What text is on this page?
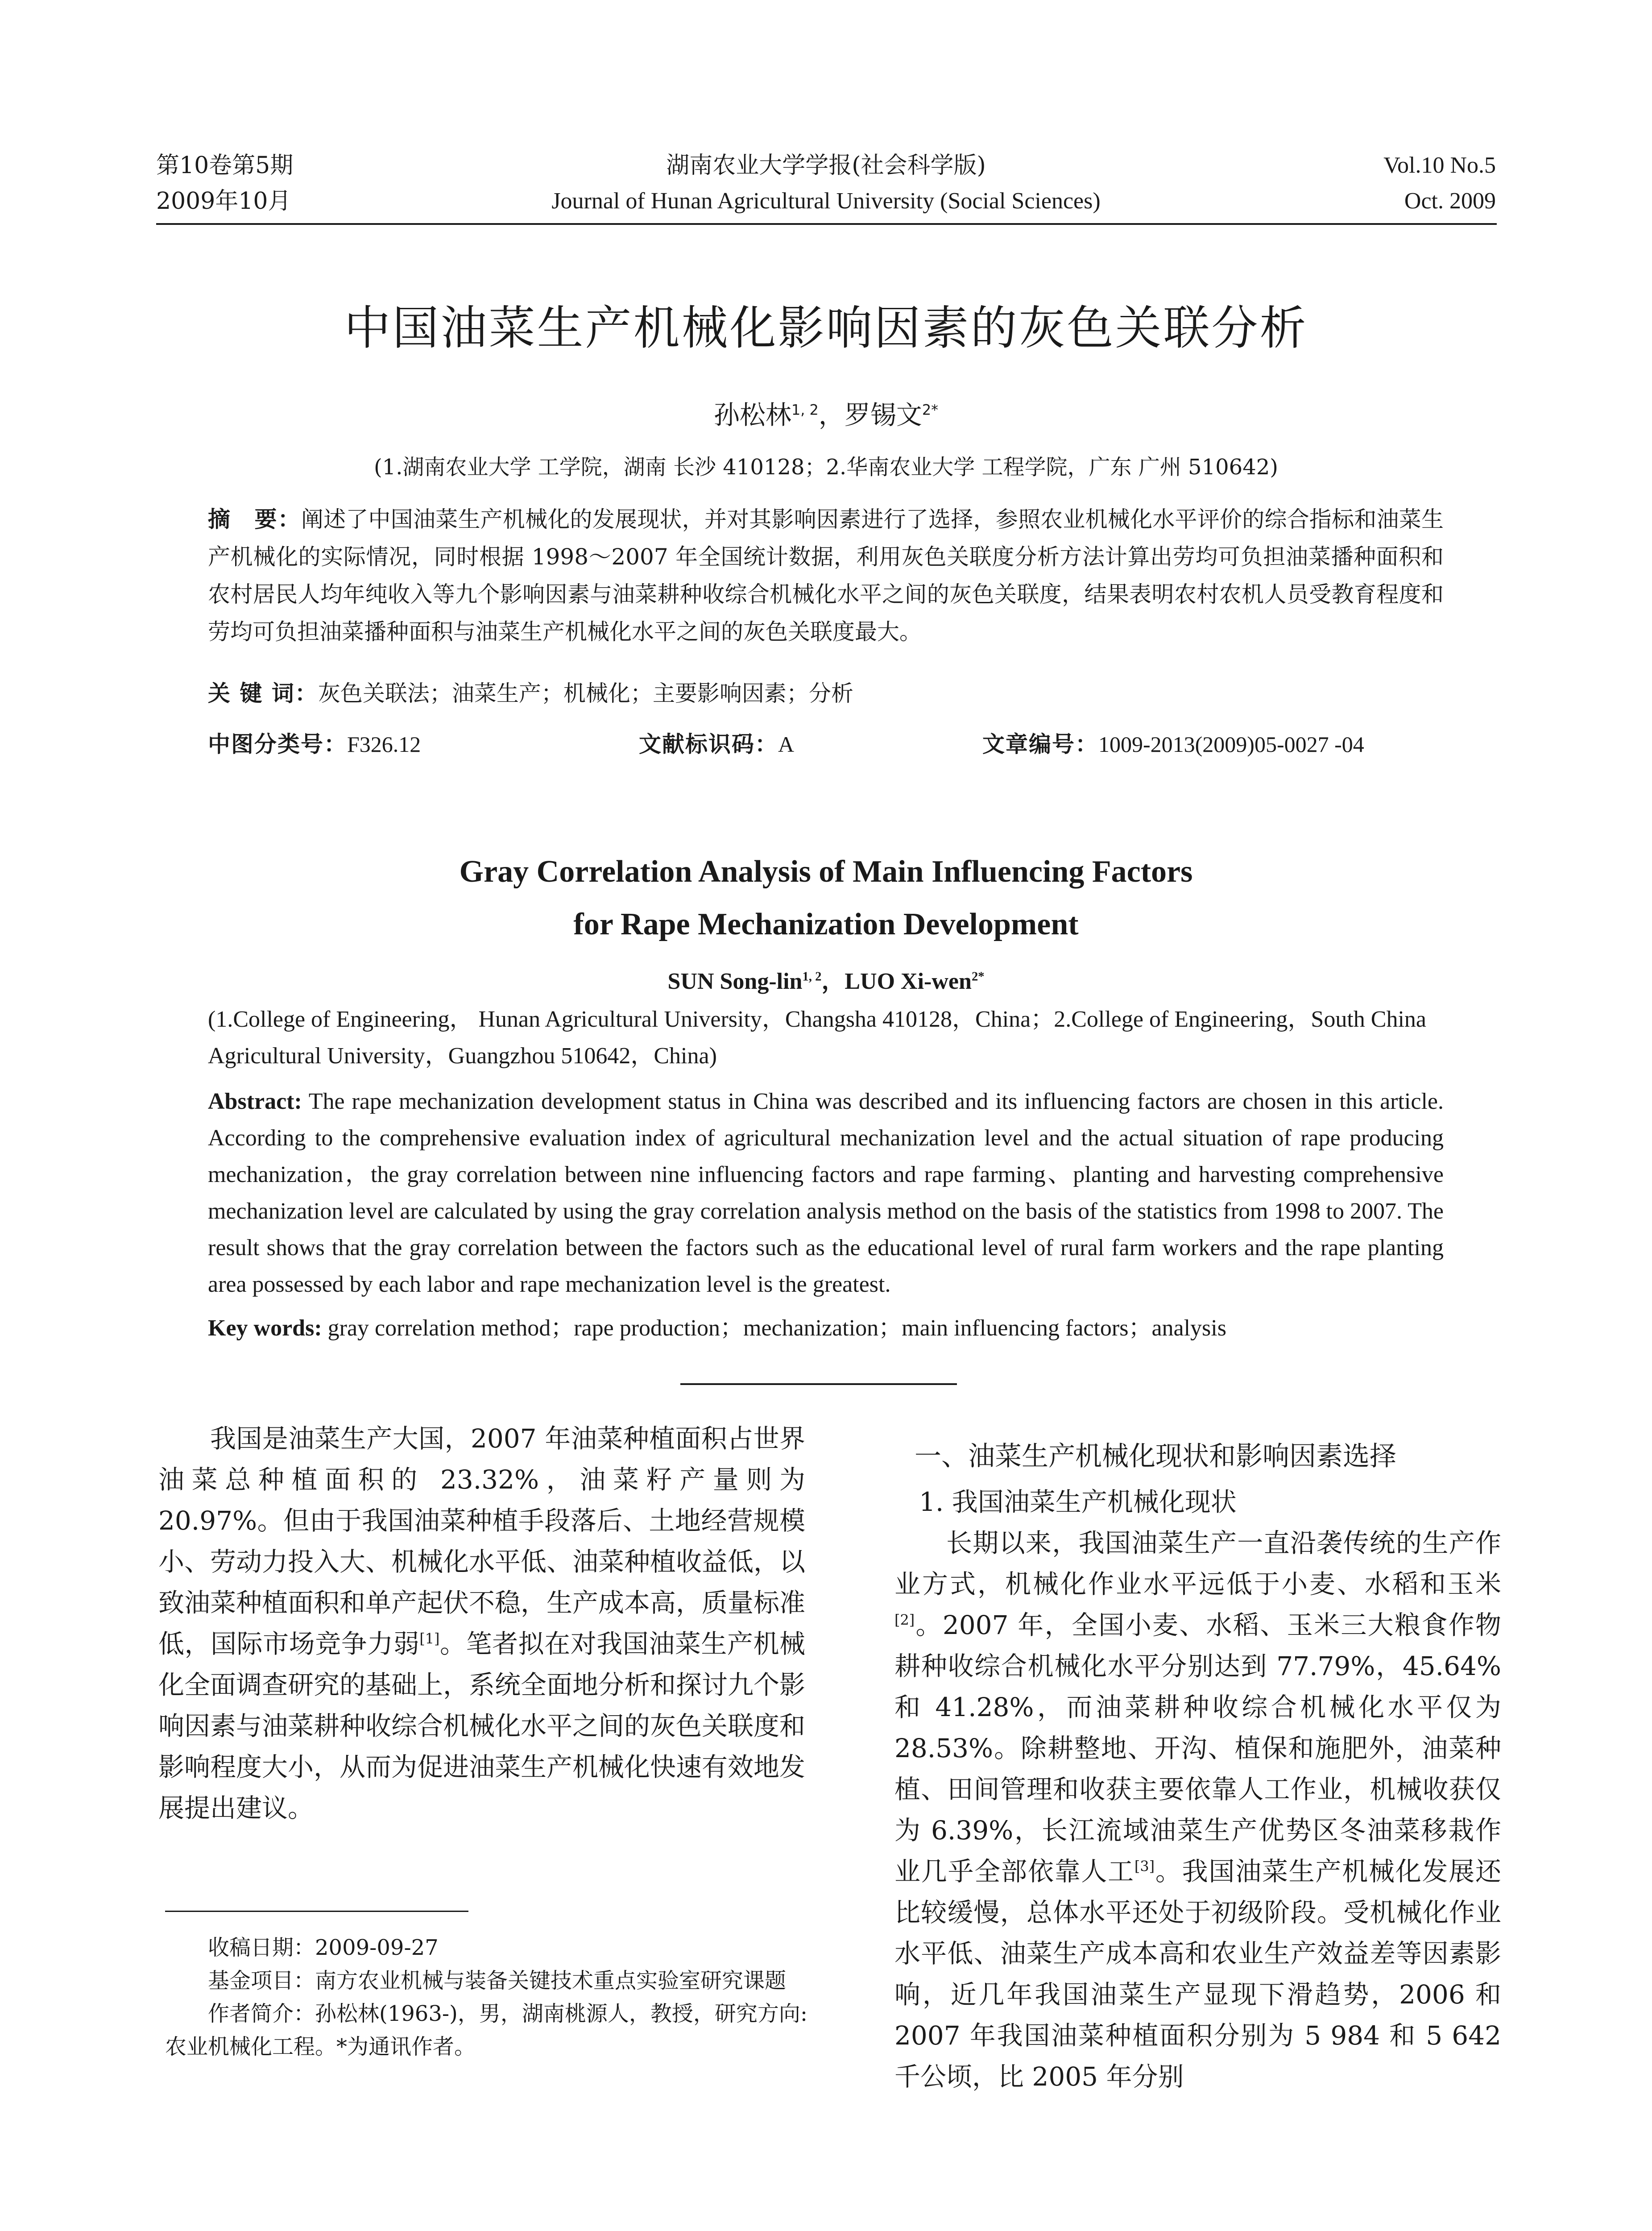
第10卷第5期
2009年10月
湖南农业大学学报(社会科学版)
Journal of Hunan Agricultural University (Social Sciences)
Vol.10 No.5
Oct. 2009
中国油菜生产机械化影响因素的灰色关联分析
孙松林$^{1, 2}$，罗锡文$^{2*}$
(1.湖南农业大学 工学院，湖南 长沙 410128；2.华南农业大学 工程学院，广东 广州 510642)
摘　要：阐述了中国油菜生产机械化的发展现状，并对其影响因素进行了选择，参照农业机械化水平评价的综合指标和油菜生产机械化的实际情况，同时根据 1998～2007 年全国统计数据，利用灰色关联度分析方法计算出劳均可负担油菜播种面积和农村居民人均年纯收入等九个影响因素与油菜耕种收综合机械化水平之间的灰色关联度，结果表明农村农机人员受教育程度和劳均可负担油菜播种面积与油菜生产机械化水平之间的灰色关联度最大。
关 键 词：灰色关联法；油菜生产；机械化；主要影响因素；分析
中图分类号：F326.12	文献标识码：A	文章编号：1009-2013(2009)05-0027 -04
Gray Correlation Analysis of Main Influencing Factors
for Rape Mechanization Development
SUN Song-lin$^{1, 2}$，LUO Xi-wen$^{2*}$
(1.College of Engineering， Hunan Agricultural University，Changsha 410128，China；2.College of Engineering，South China Agricultural University，Guangzhou 510642，China)
Abstract: The rape mechanization development status in China was described and its influencing factors are chosen in this article. According to the comprehensive evaluation index of agricultural mechanization level and the actual situation of rape producing mechanization，the gray correlation between nine influencing factors and rape farming、planting and harvesting comprehensive mechanization level are calculated by using the gray correlation analysis method on the basis of the statistics from 1998 to 2007. The result shows that the gray correlation between the factors such as the educational level of rural farm workers and the rape planting area possessed by each labor and rape mechanization level is the greatest.
Key words: gray correlation method；rape production；mechanization；main influencing factors；analysis

我国是油菜生产大国，2007 年油菜种植面积占世界油菜总种植面积的 23.32%，油菜籽产量则为 20.97%。但由于我国油菜种植手段落后、土地经营规模小、劳动力投入大、机械化水平低、油菜种植收益低，以致油菜种植面积和单产起伏不稳，生产成本高，质量标准低，国际市场竞争力弱[1]。笔者拟在对我国油菜生产机械化全面调查研究的基础上，系统全面地分析和探讨九个影响因素与油菜耕种收综合机械化水平之间的灰色关联度和影响程度大小，从而为促进油菜生产机械化快速有效地发展提出建议。

收稿日期：2009-09-27

基金项目：南方农业机械与装备关键技术重点实验室研究课题

作者简介：孙松林(1963-)，男，湖南桃源人，教授，研究方向:农业机械化工程。*为通讯作者。

一、油菜生产机械化现状和影响因素选择
1. 我国油菜生产机械化现状

长期以来，我国油菜生产一直沿袭传统的生产作业方式，机械化作业水平远低于小麦、水稻和玉米[2]。2007 年，全国小麦、水稻、玉米三大粮食作物耕种收综合机械化水平分别达到 77.79%，45.64%和 41.28%，而油菜耕种收综合机械化水平仅为 28.53%。除耕整地、开沟、植保和施肥外，油菜种植、田间管理和收获主要依靠人工作业，机械收获仅为 6.39%，长江流域油菜生产优势区冬油菜移栽作业几乎全部依靠人工[3]。我国油菜生产机械化发展还比较缓慢，总体水平还处于初级阶段。受机械化作业水平低、油菜生产成本高和农业生产效益差等因素影响，近几年我国油菜生产显现下滑趋势，2006 和 2007 年我国油菜种植面积分别为 5 984 和 5 642 千公顷，比 2005 年分别
